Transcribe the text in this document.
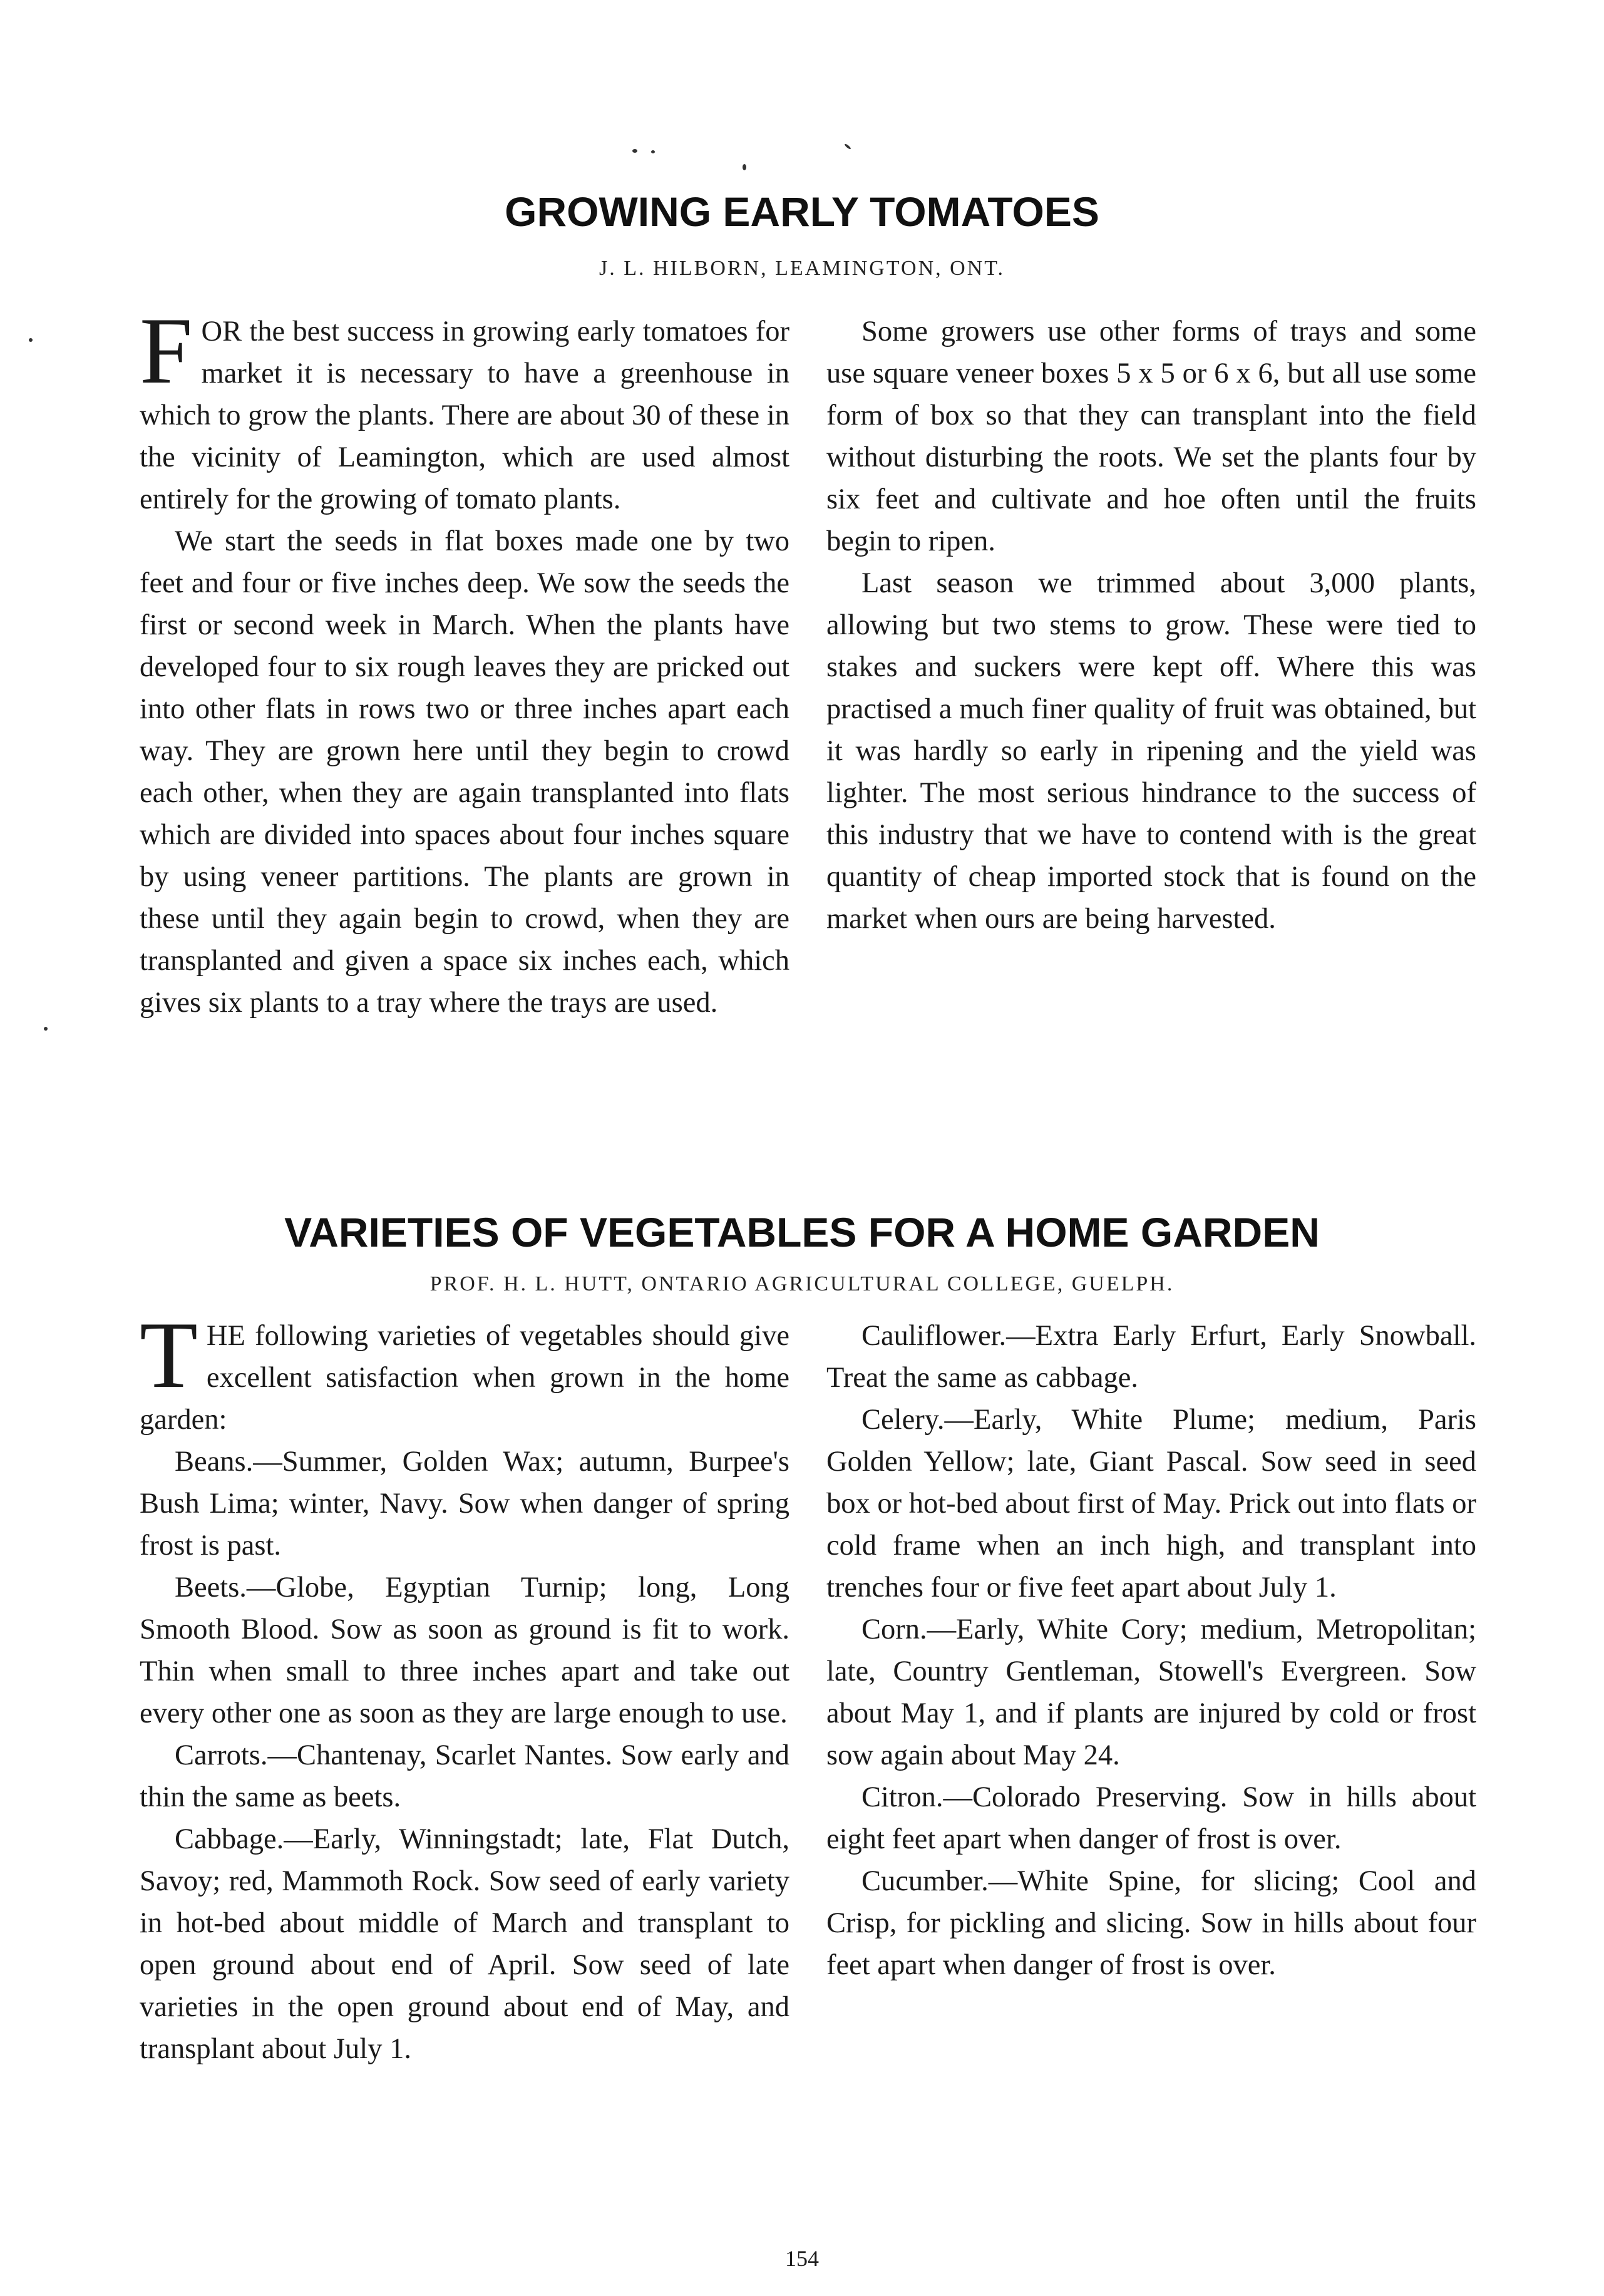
GROWING EARLY TOMATOES

J. L. HILBORN, LEAMINGTON, ONT.

FOR the best success in growing early tomatoes for market it is necessary to have a greenhouse in which to grow the plants. There are about 30 of these in the vicinity of Leamington, which are used almost entirely for the growing of tomato plants.

We start the seeds in flat boxes made one by two feet and four or five inches deep. We sow the seeds the first or second week in March. When the plants have developed four to six rough leaves they are pricked out into other flats in rows two or three inches apart each way. They are grown here until they begin to crowd each other, when they are again transplanted into flats which are divided into spaces about four inches square by using veneer partitions. The plants are grown in these until they again begin to crowd, when they are transplanted and given a space six inches each, which gives six plants to a tray where the trays are used.

Some growers use other forms of trays and some use square veneer boxes 5 x 5 or 6 x 6, but all use some form of box so that they can transplant into the field without disturbing the roots. We set the plants four by six feet and cultivate and hoe often until the fruits begin to ripen.

Last season we trimmed about 3,000 plants, allowing but two stems to grow. These were tied to stakes and suckers were kept off. Where this was practised a much finer quality of fruit was obtained, but it was hardly so early in ripening and the yield was lighter. The most serious hindrance to the success of this industry that we have to contend with is the great quantity of cheap imported stock that is found on the market when ours are being harvested.

VARIETIES OF VEGETABLES FOR A HOME GARDEN

PROF. H. L. HUTT, ONTARIO AGRICULTURAL COLLEGE, GUELPH.

THE following varieties of vegetables should give excellent satisfaction when grown in the home garden:

Beans.—Summer, Golden Wax; autumn, Burpee's Bush Lima; winter, Navy. Sow when danger of spring frost is past.

Beets.—Globe, Egyptian Turnip; long, Long Smooth Blood. Sow as soon as ground is fit to work. Thin when small to three inches apart and take out every other one as soon as they are large enough to use.

Carrots.—Chantenay, Scarlet Nantes. Sow early and thin the same as beets.

Cabbage.—Early, Winningstadt; late, Flat Dutch, Savoy; red, Mammoth Rock. Sow seed of early variety in hot-bed about middle of March and transplant to open ground about end of April. Sow seed of late varieties in the open ground about end of May, and transplant about July 1.

Cauliflower.—Extra Early Erfurt, Early Snowball. Treat the same as cabbage.

Celery.—Early, White Plume; medium, Paris Golden Yellow; late, Giant Pascal. Sow seed in seed box or hot-bed about first of May. Prick out into flats or cold frame when an inch high, and transplant into trenches four or five feet apart about July 1.

Corn.—Early, White Cory; medium, Metropolitan; late, Country Gentleman, Stowell's Evergreen. Sow about May 1, and if plants are injured by cold or frost sow again about May 24.

Citron.—Colorado Preserving. Sow in hills about eight feet apart when danger of frost is over.

Cucumber.—White Spine, for slicing; Cool and Crisp, for pickling and slicing. Sow in hills about four feet apart when danger of frost is over.

154
